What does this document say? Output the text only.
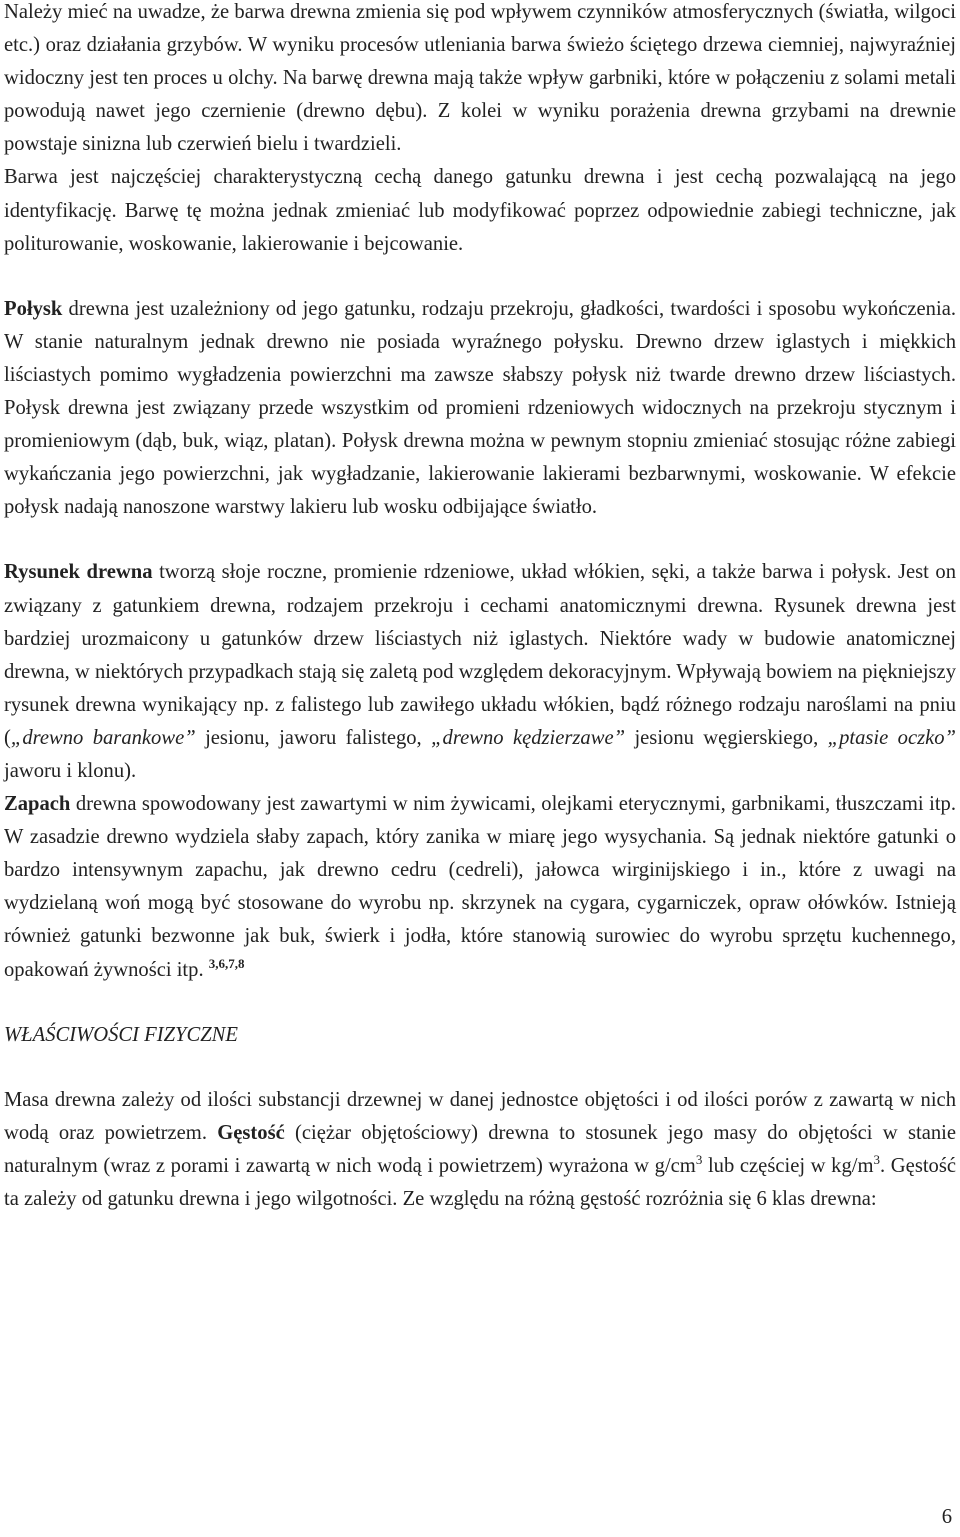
Należy mieć na uwadze, że barwa drewna zmienia się pod wpływem czynników atmosferycznych (światła, wilgoci etc.) oraz działania grzybów. W wyniku procesów utleniania barwa świeżo ściętego drzewa ciemniej, najwyraźniej widoczny jest ten proces u olchy. Na barwę drewna mają także wpływ garbniki, które w połączeniu z solami metali powodują nawet jego czernienie (drewno dębu). Z kolei w wyniku porażenia drewna grzybami na drewnie powstaje sinizna lub czerwień bielu i twardzieli.

Barwa jest najczęściej charakterystyczną cechą danego gatunku drewna i jest cechą pozwalającą na jego identyfikację. Barwę tę można jednak zmieniać lub modyfikować poprzez odpowiednie zabiegi techniczne, jak politurowanie, woskowanie, lakierowanie i bejcowanie.

Połysk drewna jest uzależniony od jego gatunku, rodzaju przekroju, gładkości, twardości i sposobu wykończenia. W stanie naturalnym jednak drewno nie posiada wyraźnego połysku. Drewno drzew iglastych i miękkich liściastych pomimo wygładzenia powierzchni ma zawsze słabszy połysk niż twarde drewno drzew liściastych. Połysk drewna jest związany przede wszystkim od promieni rdzeniowych widocznych na przekroju stycznym i promieniowym (dąb, buk, wiąz, platan). Połysk drewna można w pewnym stopniu zmieniać stosując różne zabiegi wykańczania jego powierzchni, jak wygładzanie, lakierowanie lakierami bezbarwnymi, woskowanie. W efekcie połysk nadają nanoszone warstwy lakieru lub wosku odbijające światło.

Rysunek drewna tworzą słoje roczne, promienie rdzeniowe, układ włókien, sęki, a także barwa i połysk. Jest on związany z gatunkiem drewna, rodzajem przekroju i cechami anatomicznymi drewna. Rysunek drewna jest bardziej urozmaicony u gatunków drzew liściastych niż iglastych. Niektóre wady w budowie anatomicznej drewna, w niektórych przypadkach stają się zaletą pod względem dekoracyjnym. Wpływają bowiem na piękniejszy rysunek drewna wynikający np. z falistego lub zawiłego układu włókien, bądź różnego rodzaju naroślami na pniu („drewno barankowe” jesionu, jaworu falistego, „drewno kędzierzawe” jesionu węgierskiego, „ptasie oczko” jaworu i klonu).

Zapach drewna spowodowany jest zawartymi w nim żywicami, olejkami eterycznymi, garbnikami, tłuszczami itp. W zasadzie drewno wydziela słaby zapach, który zanika w miarę jego wysychania. Są jednak niektóre gatunki o bardzo intensywnym zapachu, jak drewno cedru (cedreli), jałowca wirginijskiego i in., które z uwagi na wydzielaną woń mogą być stosowane do wyrobu np. skrzynek na cygara, cygarniczek, opraw ołówków. Istnieją również gatunki bezwonne jak buk, świerk i jodła, które stanowią surowiec do wyrobu sprzętu kuchennego, opakowań żywności itp. $^{3,6,7,8}$

WŁAŚCIWOŚCI FIZYCZNE

Masa drewna zależy od ilości substancji drzewnej w danej jednostce objętości i od ilości porów z zawartą w nich wodą oraz powietrzem. Gęstość (ciężar objętościowy) drewna to stosunek jego masy do objętości w stanie naturalnym (wraz z porami i zawartą w nich wodą i powietrzem) wyrażona w $g/cm^3$ lub częściej w $kg/m^3$. Gęstość ta zależy od gatunku drewna i jego wilgotności. Ze względu na różną gęstość rozróżnia się 6 klas drewna:

6
